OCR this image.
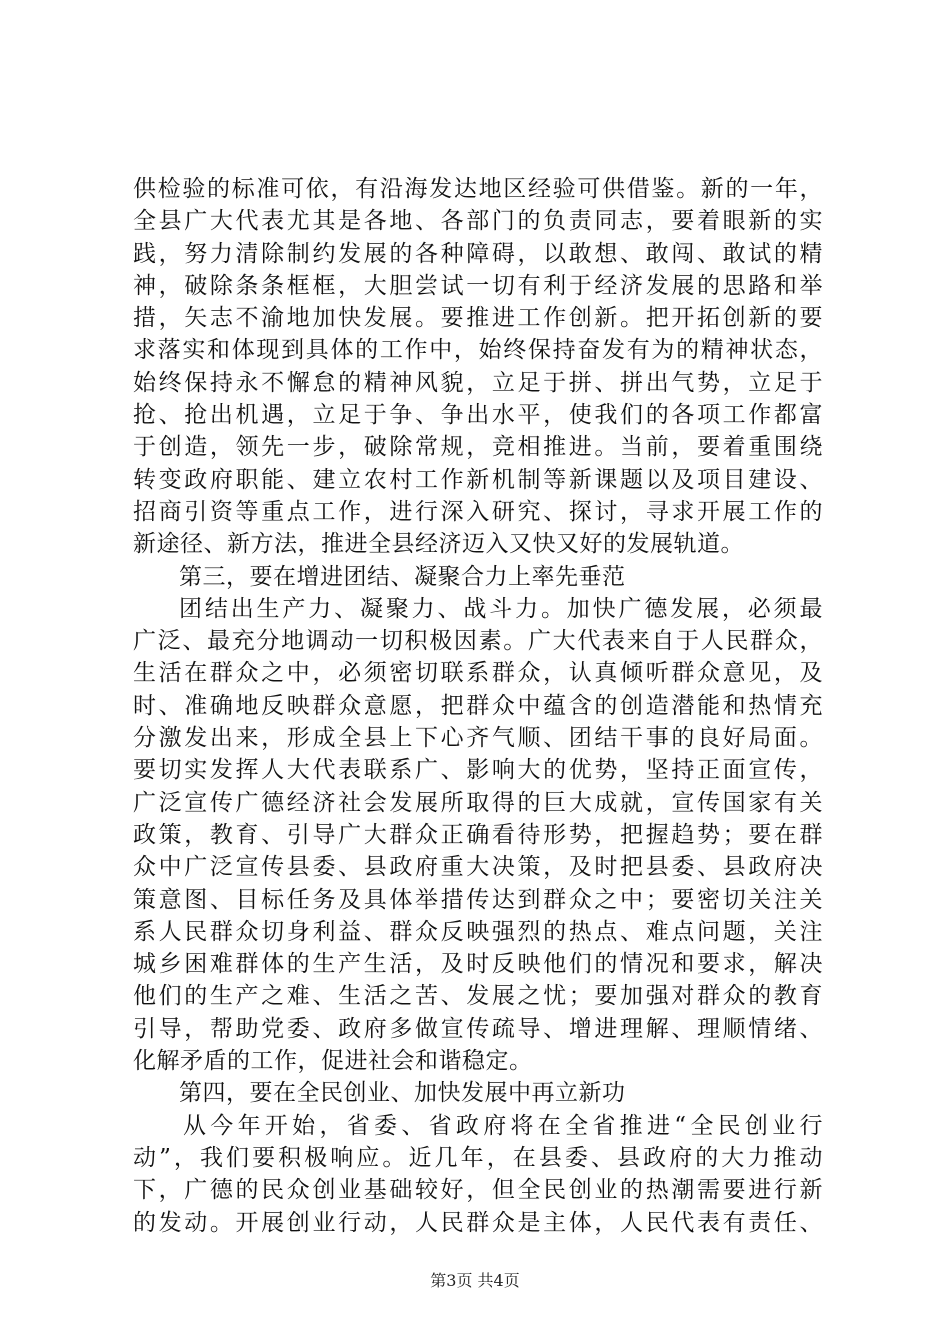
供检验的标准可依，有沿海发达地区经验可供借鉴。新的一年，
全县广大代表尤其是各地、各部门的负责同志，要着眼新的实
践，努力清除制约发展的各种障碍，以敢想、敢闯、敢试的精
神，破除条条框框，大胆尝试一切有利于经济发展的思路和举
措，矢志不渝地加快发展。要推进工作创新。把开拓创新的要
求落实和体现到具体的工作中，始终保持奋发有为的精神状态，
始终保持永不懈怠的精神风貌，立足于拼、拼出气势，立足于
抢、抢出机遇，立足于争、争出水平，使我们的各项工作都富
于创造，领先一步，破除常规，竞相推进。当前，要着重围绕
转变政府职能、建立农村工作新机制等新课题以及项目建设、
招商引资等重点工作，进行深入研究、探讨，寻求开展工作的
新途径、新方法，推进全县经济迈入又快又好的发展轨道。
第三，要在增进团结、凝聚合力上率先垂范
团结出生产力、凝聚力、战斗力。加快广德发展，必须最
广泛、最充分地调动一切积极因素。广大代表来自于人民群众，
生活在群众之中，必须密切联系群众，认真倾听群众意见，及
时、准确地反映群众意愿，把群众中蕴含的创造潜能和热情充
分激发出来，形成全县上下心齐气顺、团结干事的良好局面。
要切实发挥人大代表联系广、影响大的优势，坚持正面宣传，
广泛宣传广德经济社会发展所取得的巨大成就，宣传国家有关
政策，教育、引导广大群众正确看待形势，把握趋势；要在群
众中广泛宣传县委、县政府重大决策，及时把县委、县政府决
策意图、目标任务及具体举措传达到群众之中；要密切关注关
系人民群众切身利益、群众反映强烈的热点、难点问题，关注
城乡困难群体的生产生活，及时反映他们的情况和要求，解决
他们的生产之难、生活之苦、发展之忧；要加强对群众的教育
引导，帮助党委、政府多做宣传疏导、增进理解、理顺情绪、
化解矛盾的工作，促进社会和谐稳定。
第四，要在全民创业、加快发展中再立新功
从今年开始，省委、省政府将在全省推进“全民创业行
动”，我们要积极响应。近几年，在县委、县政府的大力推动
下，广德的民众创业基础较好，但全民创业的热潮需要进行新
的发动。开展创业行动，人民群众是主体，人民代表有责任、
第3页 共4页
